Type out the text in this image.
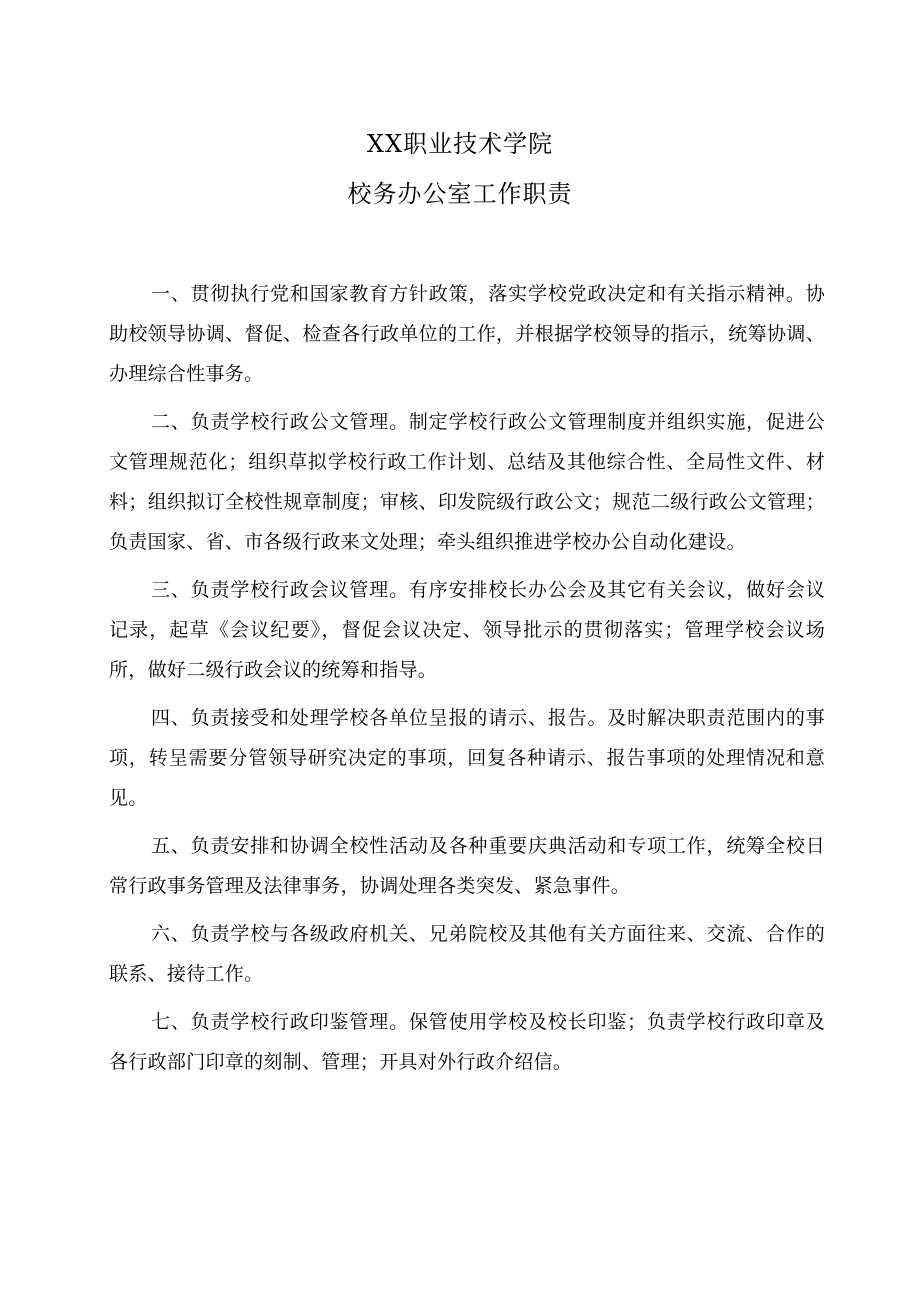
XX职业技术学院
校务办公室工作职责

一、贯彻执行党和国家教育方针政策，落实学校党政决定和有关指示精神。协助校领导协调、督促、检查各行政单位的工作，并根据学校领导的指示，统筹协调、办理综合性事务。

二、负责学校行政公文管理。制定学校行政公文管理制度并组织实施，促进公文管理规范化；组织草拟学校行政工作计划、总结及其他综合性、全局性文件、材料；组织拟订全校性规章制度；审核、印发院级行政公文；规范二级行政公文管理；负责国家、省、市各级行政来文处理；牵头组织推进学校办公自动化建设。

三、负责学校行政会议管理。有序安排校长办公会及其它有关会议，做好会议记录，起草《会议纪要》，督促会议决定、领导批示的贯彻落实；管理学校会议场所，做好二级行政会议的统筹和指导。

四、负责接受和处理学校各单位呈报的请示、报告。及时解决职责范围内的事项，转呈需要分管领导研究决定的事项，回复各种请示、报告事项的处理情况和意见。

五、负责安排和协调全校性活动及各种重要庆典活动和专项工作，统筹全校日常行政事务管理及法律事务，协调处理各类突发、紧急事件。

六、负责学校与各级政府机关、兄弟院校及其他有关方面往来、交流、合作的联系、接待工作。

七、负责学校行政印鉴管理。保管使用学校及校长印鉴；负责学校行政印章及各行政部门印章的刻制、管理；开具对外行政介绍信。
